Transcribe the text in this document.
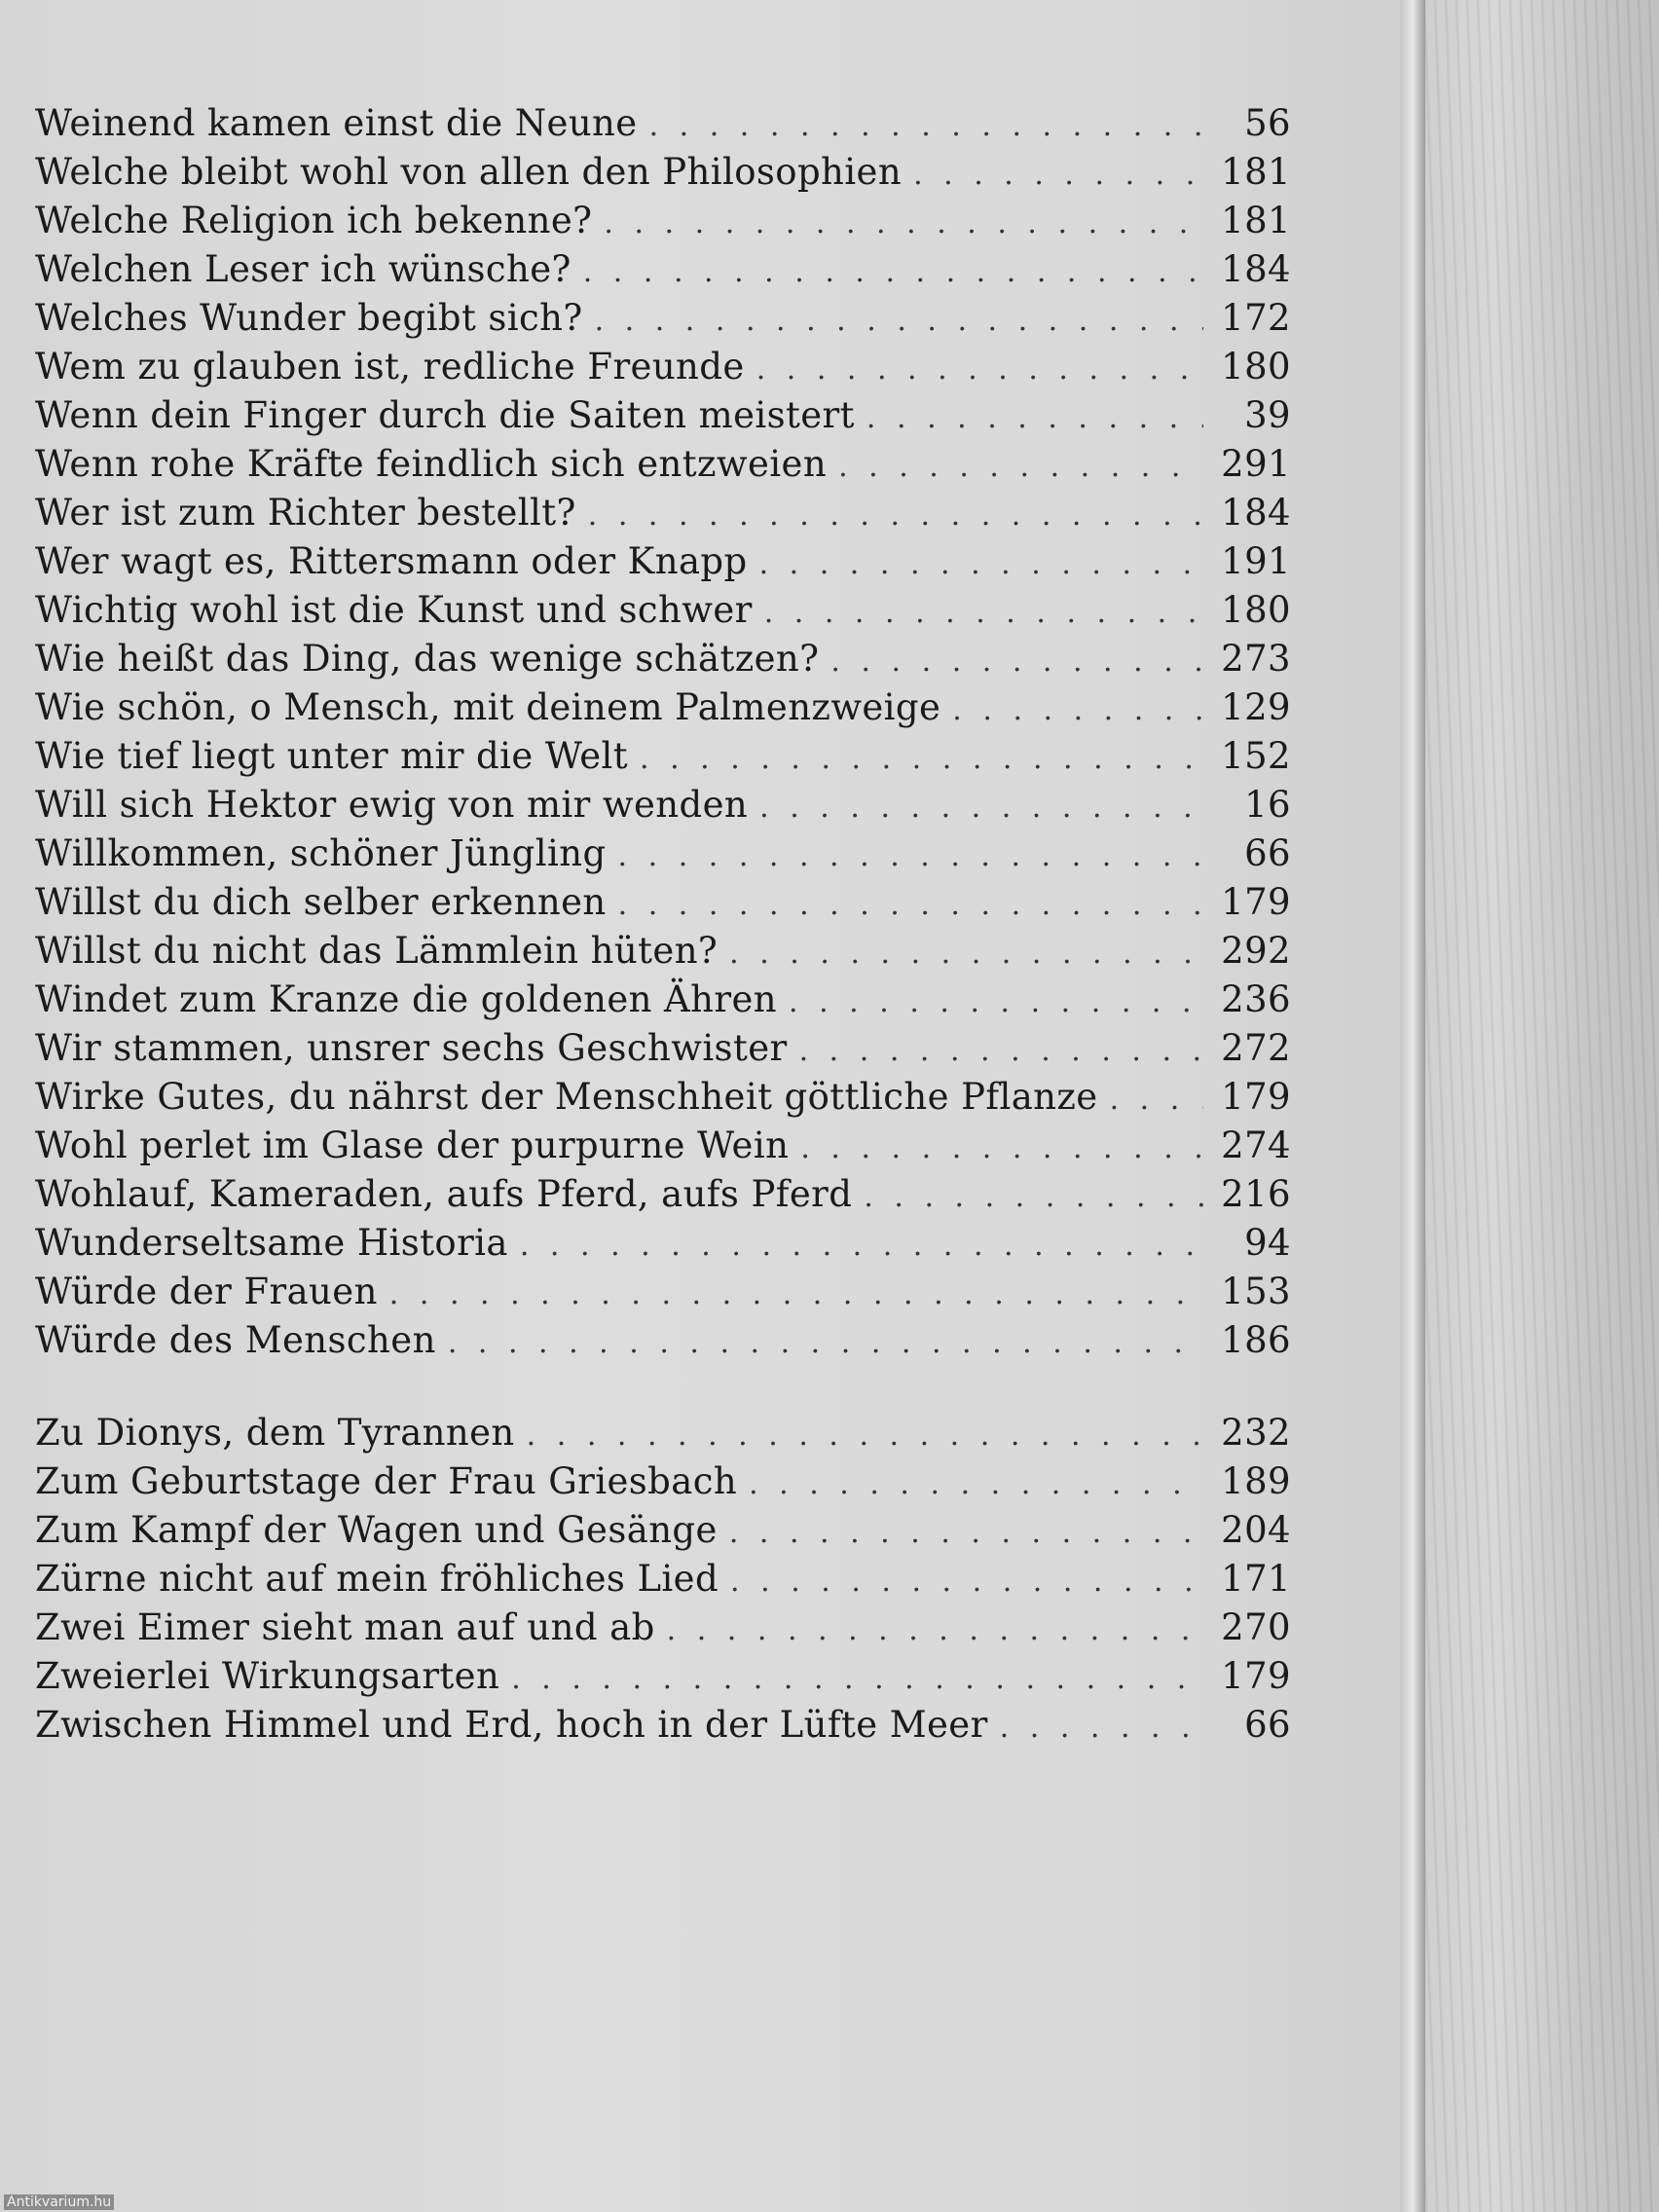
Weinend kamen einst die Neune . . .	56
Welche bleibt wohl von allen den Philosophien . . .	181
Welche Religion ich bekenne? . . .	181
Welchen Leser ich wünsche? . . .	184
Welches Wunder begibt sich? . . .	172
Wem zu glauben ist, redliche Freunde . . .	180
Wenn dein Finger durch die Saiten meistert . . .	39
Wenn rohe Kräfte feindlich sich entzweien . . .	291
Wer ist zum Richter bestellt? . . .	184
Wer wagt es, Rittersmann oder Knapp . . .	191
Wichtig wohl ist die Kunst und schwer . . .	180
Wie heißt das Ding, das wenige schätzen? . . .	273
Wie schön, o Mensch, mit deinem Palmenzweige . . .	129
Wie tief liegt unter mir die Welt . . .	152
Will sich Hektor ewig von mir wenden . . .	16
Willkommen, schöner Jüngling . . .	66
Willst du dich selber erkennen . . .	179
Willst du nicht das Lämmlein hüten? . . .	292
Windet zum Kranze die goldenen Ähren . . .	236
Wir stammen, unsrer sechs Geschwister . . .	272
Wirke Gutes, du nährst der Menschheit göttliche Pflanze . . .	179
Wohl perlet im Glase der purpurne Wein . . .	274
Wohlauf, Kameraden, aufs Pferd, aufs Pferd . . .	216
Wunderseltsame Historia . . .	94
Würde der Frauen . . .	153
Würde des Menschen . . .	186
Zu Dionys, dem Tyrannen . . .	232
Zum Geburtstage der Frau Griesbach . . .	189
Zum Kampf der Wagen und Gesänge . . .	204
Zürne nicht auf mein fröhliches Lied . . .	171
Zwei Eimer sieht man auf und ab . . .	270
Zweierlei Wirkungsarten . . .	179
Zwischen Himmel und Erd, hoch in der Lüfte Meer . . .	66
Antikvarium.hu
